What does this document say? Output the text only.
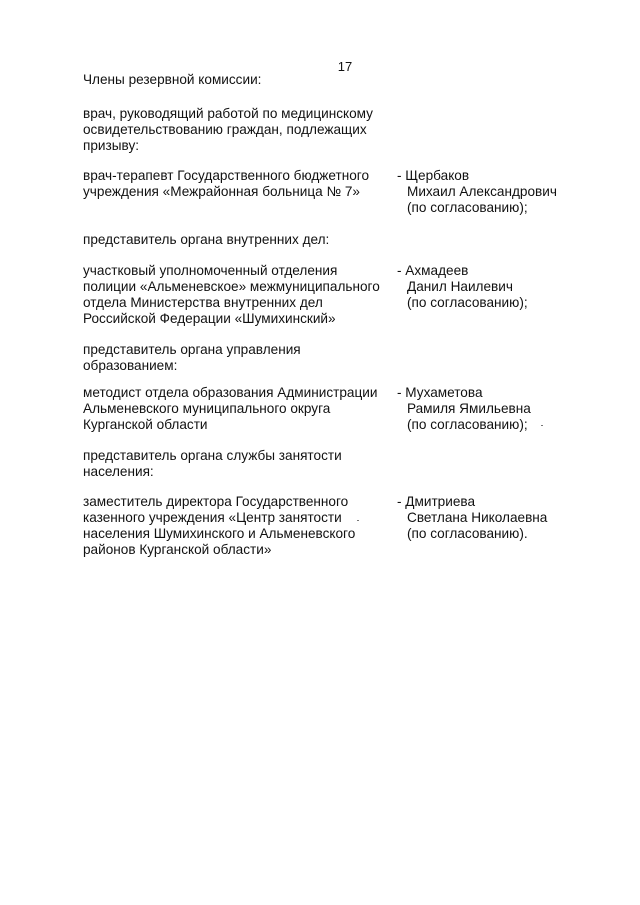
17
Члены резервной комиссии:
врач, руководящий работой по медицинскому
освидетельствованию граждан, подлежащих
призыву:
врач-терапевт Государственного бюджетного
учреждения «Межрайонная больница № 7»
- Щербаков
Михаил Александрович
(по согласованию);
представитель органа внутренних дел:
участковый уполномоченный отделения
полиции «Альменевское» межмуниципального
отдела Министерства внутренних дел
Российской Федерации «Шумихинский»
- Ахмадеев
Данил Наилевич
(по согласованию);
представитель органа управления
образованием:
методист отдела образования Администрации
Альменевского муниципального округа
Курганской области
- Мухаметова
Рамиля Ямильевна
(по согласованию);
представитель органа службы занятости
населения:
заместитель директора Государственного
казенного учреждения «Центр занятости
населения Шумихинского и Альменевского
районов Курганской области»
- Дмитриева
Светлана Николаевна
(по согласованию).
